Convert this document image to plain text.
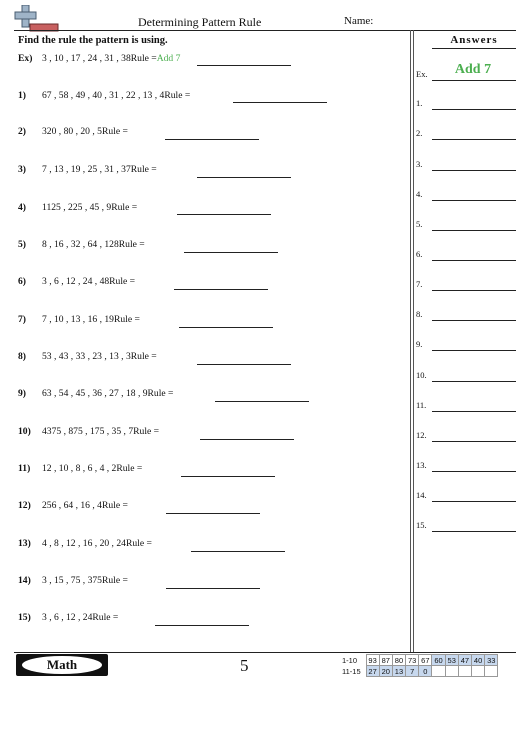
Determining Pattern Rule	Name:
Find the rule the pattern is using.
Ex)	3 , 10 , 17 , 24 , 31 , 38Rule =Add 7
1)	67 , 58 , 49 , 40 , 31 , 22 , 13 , 4Rule =
2)	320 , 80 , 20 , 5Rule =
3)	7 , 13 , 19 , 25 , 31 , 37Rule =
4)	1125 , 225 , 45 , 9Rule =
5)	8 , 16 , 32 , 64 , 128Rule =
6)	3 , 6 , 12 , 24 , 48Rule =
7)	7 , 10 , 13 , 16 , 19Rule =
8)	53 , 43 , 33 , 23 , 13 , 3Rule =
9)	63 , 54 , 45 , 36 , 27 , 18 , 9Rule =
10)	4375 , 875 , 175 , 35 , 7Rule =
11)	12 , 10 , 8 , 6 , 4 , 2Rule =
12)	256 , 64 , 16 , 4Rule =
13)	4 , 8 , 12 , 16 , 20 , 24Rule =
14)	3 , 15 , 75 , 375Rule =
15)	3 , 6 , 12 , 24Rule =
Answers
Ex.	Add 7
1.
2.
3.
4.
5.
6.
7.
8.
9.
10.
11.
12.
13.
14.
15.
Math	5	1-10	93	87	80	73	67	60	53	47	40	33
11-15	27	20	13	7	0					
